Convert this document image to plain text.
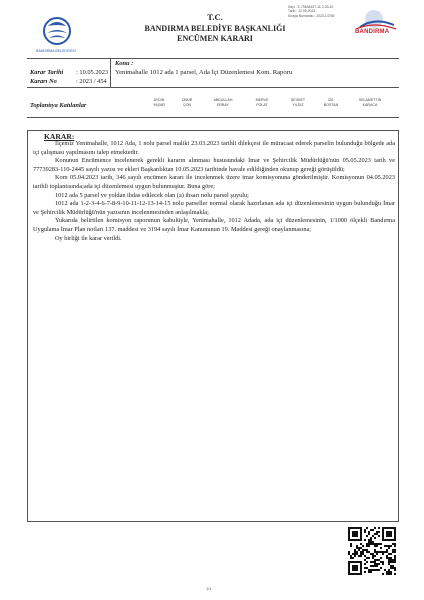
BANDIRMA BELEDİYESİ
T.C.
BANDIRMA BELEDİYE BAŞKANLIĞI
ENCÜMEN KARARI
Sayı : E-75634457-11 0-33-42
Tarih : 12.05.2023
Sıraya Numarası : 2023-14756
BANDIRMA
Karar Tarihi : 10.05.2023
Kararı No	: 2023 / 454
Konu :
Yenimahalle 1012 ada 1 parsel, Ada İçi Düzenlemesi Kom. Raporu
Toplantıya Katılanlar
AYDIN
YAŞAR
ONUR
ÇON
ABDULLAH
ERBAY
MERVE
POLAT
ŞEVKET
YILDIZ
İZİL
BOSTAN
SELAMETTİN
KARACA
KARAR:

İlçemiz Yenimahalle, 1012 Ada, 1 nolu parsel maliki 23.03.2023 tarihli dilekçesi ile müracaat ederek parselin bulunduğu bölgede ada içi çalışması yapılmasını talep etmektedir.

Konunun Encümence incelenerek gerekli kararın alınması hususundaki İmar ve Şehircilik Müdürlüğü'nün 05.05.2023 tarih ve 77739283-110-2445 sayılı yazısı ve ekleri Başkanlıktan 10.05.2023 tarihinde havale edildiğinden okunup gereği görüşüldü;

Kom 05.04.2023 tarih, 346 sayılı encümen kararı ile incelenmek üzere imar komisyonuna gönderilmiştir. Komisyonun 04.05.2023 tarihli toplantısında;ada içi düzenlemesi uygun bulunmuştur. Buna göre;

1012 ada 5 parsel ve yoldan ihdas edilecek olan (a) ihsarı nolu parsel şuyulu;

1012 ada 1-2-3-4-6-7-8-9-10-11-12-13-14-15 nolu parseller normal olarak hazırlanan ada içi düzenlemesinin uygun bulunduğu İmar ve Şehircilik Müdürlüğü'nün yazısının incelenmesinden anlaşılmakla;

Yukarıda belirtilen komisyon raporunun kabulüyle, Yenimahalle, 1012 Adada, ada içi düzenlemesinin, 1/1000 ölçekli Bandırma Uygulama İmar Plan notları 137. maddesi ve 3194 sayılı İmar Kanununun 19. Maddesi gereği onaylanmasına;

Oy birliği ile karar verildi.

1/1
